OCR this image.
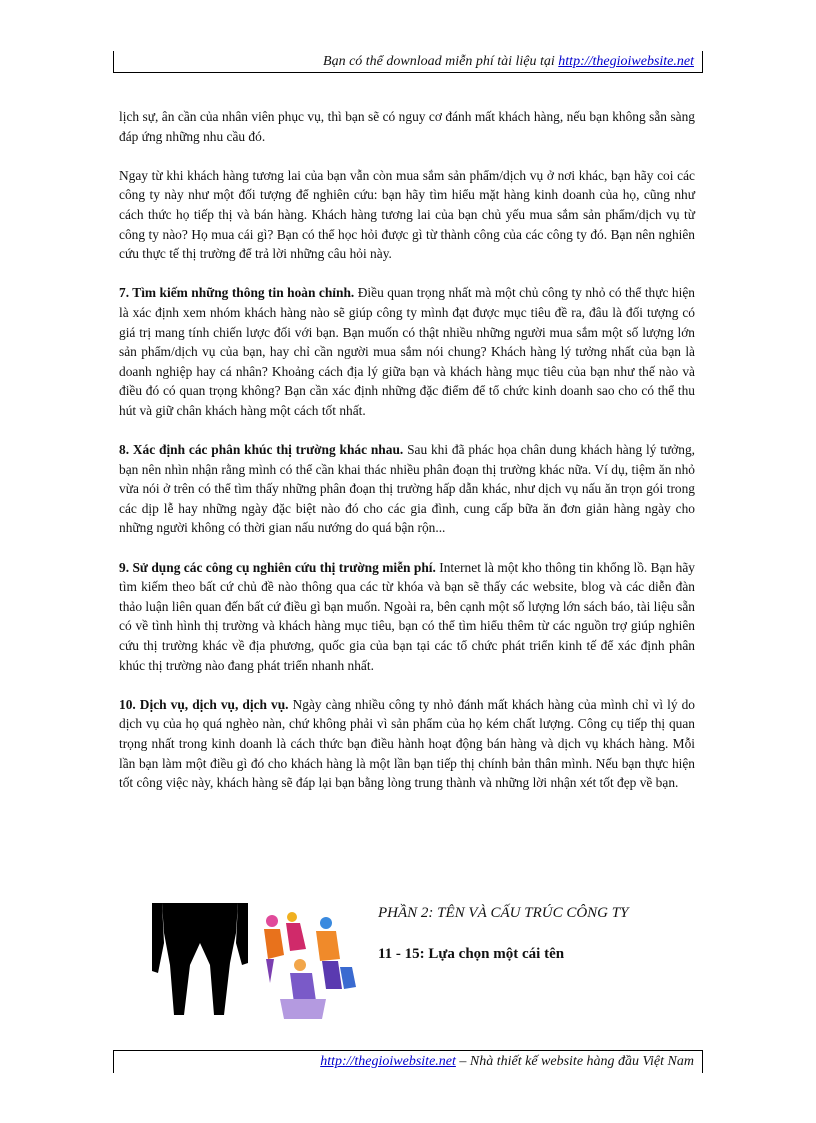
Bạn có thể download miễn phí tài liệu tại http://thegioiwebsite.net

lịch sự, ân cần của nhân viên phục vụ, thì bạn sẽ có nguy cơ đánh mất khách hàng, nếu bạn không sẵn sàng đáp ứng những nhu cầu đó.

Ngay từ khi khách hàng tương lai của bạn vẫn còn mua sắm sản phẩm/dịch vụ ở nơi khác, bạn hãy coi các công ty này như một đối tượng để nghiên cứu: bạn hãy tìm hiểu mặt hàng kinh doanh của họ, cũng như cách thức họ tiếp thị và bán hàng. Khách hàng tương lai của bạn chủ yếu mua sắm sản phẩm/dịch vụ từ công ty nào? Họ mua cái gì? Bạn có thể học hỏi được gì từ thành công của các công ty đó. Bạn nên nghiên cứu thực tế thị trường để trả lời những câu hỏi này.

7. Tìm kiếm những thông tin hoàn chỉnh. Điều quan trọng nhất mà một chủ công ty nhỏ có thể thực hiện là xác định xem nhóm khách hàng nào sẽ giúp công ty mình đạt được mục tiêu đề ra, đâu là đối tượng có giá trị mang tính chiến lược đối với bạn. Bạn muốn có thật nhiều những người mua sắm một số lượng lớn sản phẩm/dịch vụ của bạn, hay chỉ cần người mua sắm nói chung? Khách hàng lý tưởng nhất của bạn là doanh nghiệp hay cá nhân? Khoảng cách địa lý giữa bạn và khách hàng mục tiêu của bạn như thế nào và điều đó có quan trọng không? Bạn cần xác định những đặc điểm để tổ chức kinh doanh sao cho có thể thu hút và giữ chân khách hàng một cách tốt nhất.

8. Xác định các phân khúc thị trường khác nhau. Sau khi đã phác họa chân dung khách hàng lý tưởng, bạn nên nhìn nhận rằng mình có thể cần khai thác nhiều phân đoạn thị trường khác nữa. Ví dụ, tiệm ăn nhỏ vừa nói ở trên có thể tìm thấy những phân đoạn thị trường hấp dẫn khác, như dịch vụ nấu ăn trọn gói trong các dịp lễ hay những ngày đặc biệt nào đó cho các gia đình, cung cấp bữa ăn đơn giản hàng ngày cho những người không có thời gian nấu nướng do quá bận rộn...

9. Sử dụng các công cụ nghiên cứu thị trường miễn phí. Internet là một kho thông tin khổng lồ. Bạn hãy tìm kiếm theo bất cứ chủ đề nào thông qua các từ khóa và bạn sẽ thấy các website, blog và các diễn đàn thảo luận liên quan đến bất cứ điều gì bạn muốn. Ngoài ra, bên cạnh một số lượng lớn sách báo, tài liệu sẵn có về tình hình thị trường và khách hàng mục tiêu, bạn có thể tìm hiểu thêm từ các nguồn trợ giúp nghiên cứu thị trường khác về địa phương, quốc gia của bạn tại các tổ chức phát triển kinh tế để xác định phân khúc thị trường nào đang phát triển nhanh nhất.

10. Dịch vụ, dịch vụ, dịch vụ. Ngày càng nhiều công ty nhỏ đánh mất khách hàng của mình chỉ vì lý do dịch vụ của họ quá nghèo nàn, chứ không phải vì sản phẩm của họ kém chất lượng. Công cụ tiếp thị quan trọng nhất trong kinh doanh là cách thức bạn điều hành hoạt động bán hàng và dịch vụ khách hàng. Mỗi lần bạn làm một điều gì đó cho khách hàng là một lần bạn tiếp thị chính bản thân mình. Nếu bạn thực hiện tốt công việc này, khách hàng sẽ đáp lại bạn bằng lòng trung thành và những lời nhận xét tốt đẹp về bạn.

PHẦN 2: TÊN VÀ CẤU TRÚC CÔNG TY
11 - 15: Lựa chọn một cái tên
http://thegioiwebsite.net – Nhà thiết kế website hàng đầu Việt Nam
